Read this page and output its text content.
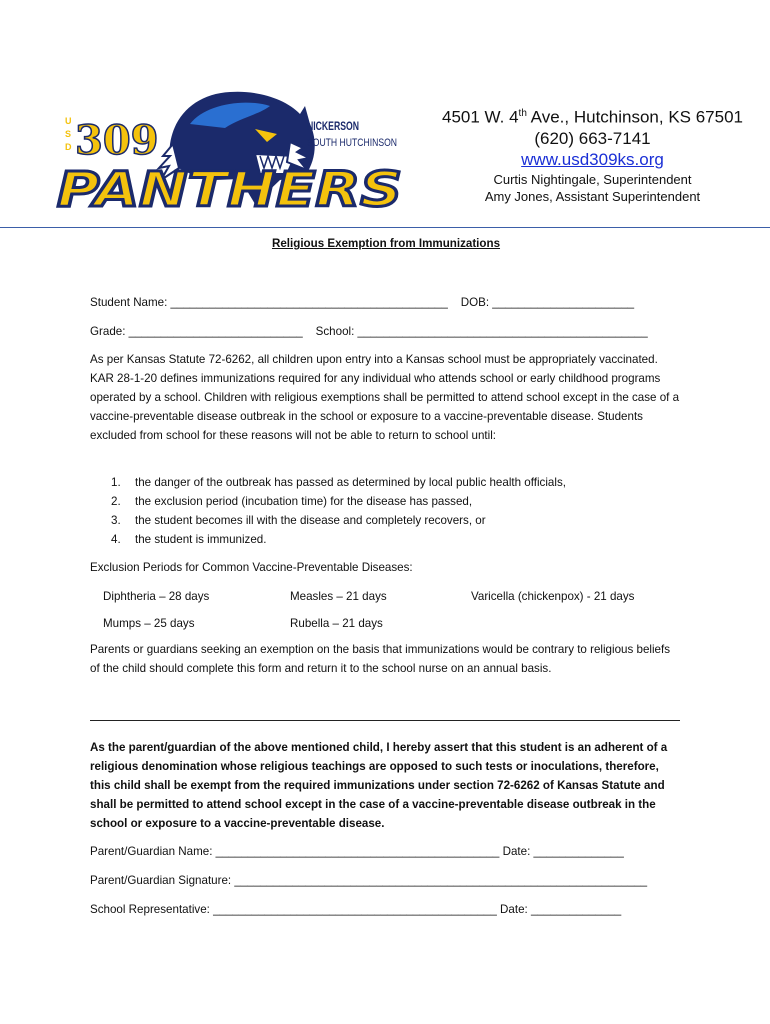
U
S
D 309
PANTHERS
NICKERSON
SOUTH HUTCHINSON
4501 W. 4th Ave., Hutchinson, KS 67501
(620) 663-7141
www.usd309ks.org
Curtis Nightingale, Superintendent
Amy Jones, Assistant Superintendent
Religious Exemption from Immunizations
Student Name: ___________________________________________    DOB: ______________________
Grade: ___________________________    School: _____________________________________________
As per Kansas Statute 72-6262, all children upon entry into a Kansas school must be appropriately vaccinated. KAR 28-1-20 defines immunizations required for any individual who attends school or early childhood programs operated by a school. Children with religious exemptions shall be permitted to attend school except in the case of a vaccine-preventable disease outbreak in the school or exposure to a vaccine-preventable disease. Students excluded from school for these reasons will not be able to return to school until:
1. the danger of the outbreak has passed as determined by local public health officials,
2. the exclusion period (incubation time) for the disease has passed,
3. the student becomes ill with the disease and completely recovers, or
4. the student is immunized.
Exclusion Periods for Common Vaccine-Preventable Diseases:
Diphtheria – 28 days	Measles – 21 days	Varicella (chickenpox) - 21 days
Mumps – 25 days	Rubella – 21 days
Parents or guardians seeking an exemption on the basis that immunizations would be contrary to religious beliefs of the child should complete this form and return it to the school nurse on an annual basis.
As the parent/guardian of the above mentioned child, I hereby assert that this student is an adherent of a religious denomination whose religious teachings are opposed to such tests or inoculations, therefore, this child shall be exempt from the required immunizations under section 72-6262 of Kansas Statute and shall be permitted to attend school except in the case of a vaccine-preventable disease outbreak in the school or exposure to a vaccine-preventable disease.
Parent/Guardian Name: ____________________________________________ Date: ______________
Parent/Guardian Signature: ________________________________________________________________
School Representative: ____________________________________________ Date: ______________
